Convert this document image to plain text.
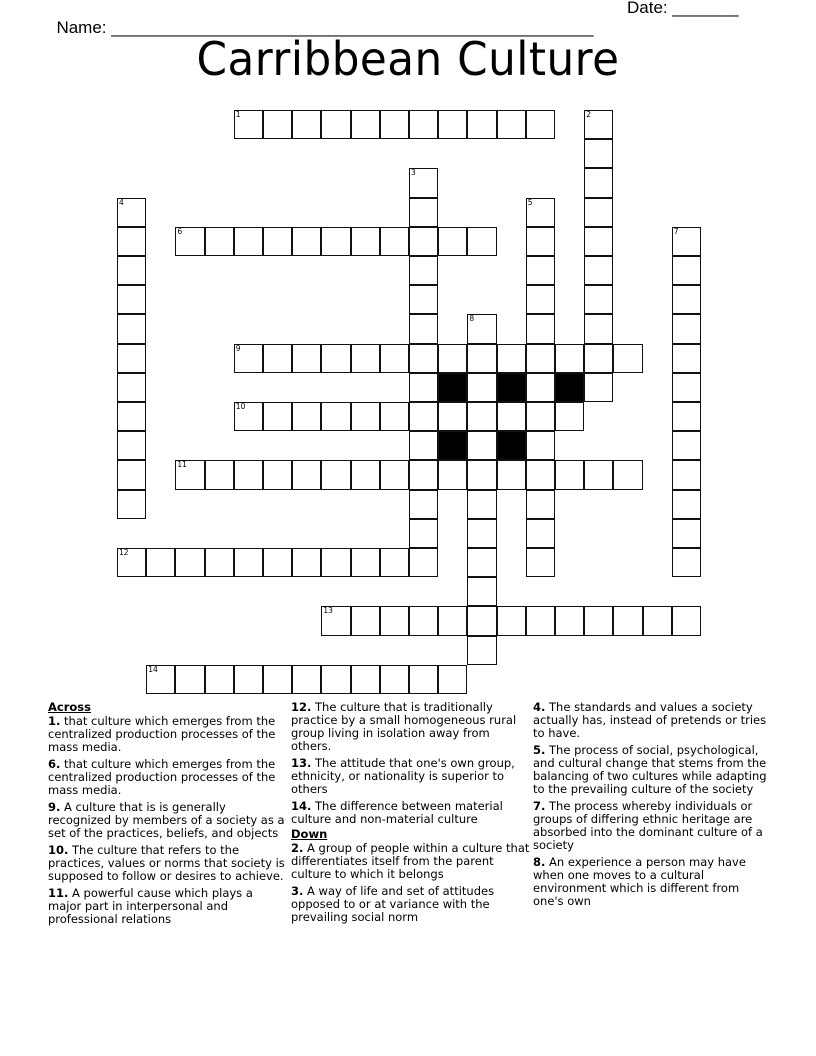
Name: ___________________________________________________

Date: _______

Carribbean Culture
1	2
3
4	5
6	7
8
9
10
11
12
13
14
Across
1. that culture which emerges from the centralized production processes of the mass media.
6. that culture which emerges from the centralized production processes of the mass media.
9. A culture that is is generally recognized by members of a society as a set of the practices, beliefs, and objects
10. The culture that refers to the practices, values or norms that society is supposed to follow or desires to achieve.
11. A powerful cause which plays a major part in interpersonal and professional relations
12. The culture that is traditionally practice by a small homogeneous rural group living in isolation away from others.
13. The attitude that one's own group, ethnicity, or nationality is superior to others
14. The difference between material culture and non-material culture
Down
2. A group of people within a culture that differentiates itself from the parent culture to which it belongs
3. A way of life and set of attitudes opposed to or at variance with the prevailing social norm
4. The standards and values a society actually has, instead of pretends or tries to have.
5. The process of social, psychological, and cultural change that stems from the balancing of two cultures while adapting to the prevailing culture of the society
7. The process whereby individuals or groups of differing ethnic heritage are absorbed into the dominant culture of a society
8. An experience a person may have when one moves to a cultural environment which is different from one's own
